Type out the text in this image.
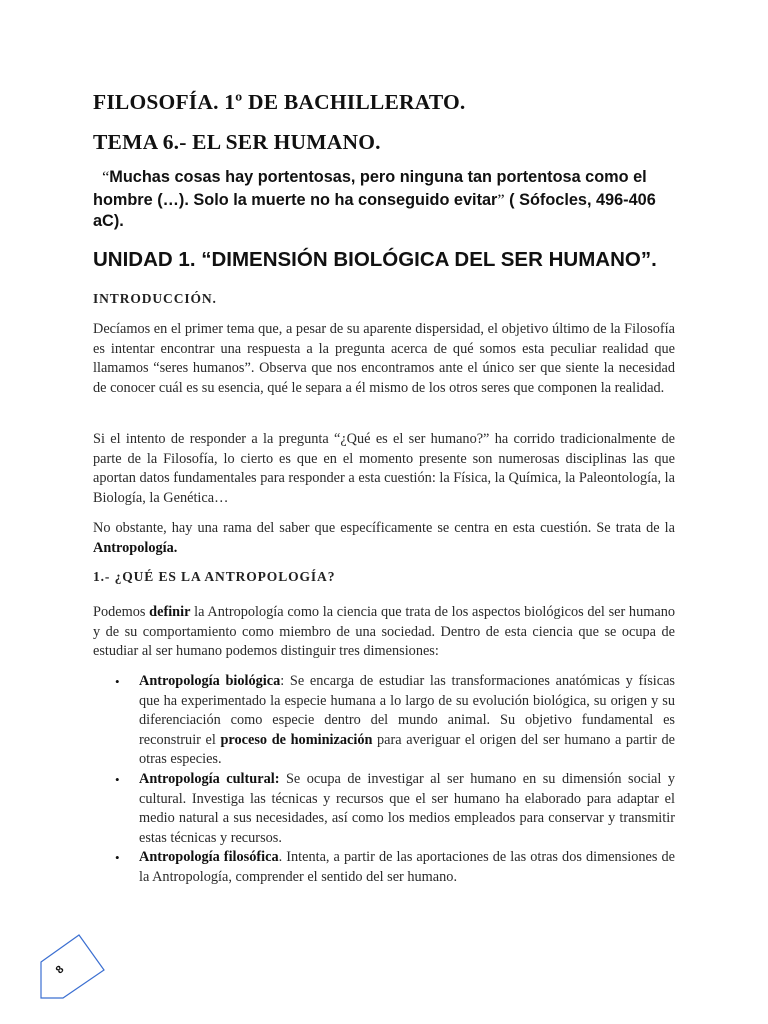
FILOSOFÍA. 1º DE BACHILLERATO.
TEMA 6.- EL SER HUMANO.

“Muchas cosas hay portentosas, pero ninguna tan portentosa como el hombre (…). Solo la muerte no ha conseguido evitar” ( Sófocles, 496-406 aC).

UNIDAD 1. “DIMENSIÓN BIOLÓGICA DEL SER HUMANO”.
INTRODUCCIÓN.

Decíamos en el primer tema que, a pesar de su aparente dispersidad, el objetivo último de la Filosofía es intentar encontrar una respuesta a la pregunta acerca de qué somos esta peculiar realidad que llamamos “seres humanos”. Observa que nos encontramos ante el único ser que siente la necesidad de conocer cuál es su esencia, qué le separa a él mismo de los otros seres que componen la realidad.

Si el intento de responder a la pregunta “¿Qué es el ser humano?” ha corrido tradicionalmente de parte de la Filosofía, lo cierto es que en el momento presente son numerosas disciplinas las que aportan datos fundamentales para responder a esta cuestión: la Física, la Química, la Paleontología, la Biología, la Genética…

No obstante, hay una rama del saber que específicamente se centra en esta cuestión. Se trata de la Antropología.

1.- ¿QUÉ ES LA ANTROPOLOGÍA?

Podemos definir la Antropología como la ciencia que trata de los aspectos biológicos del ser humano y de su comportamiento como miembro de una sociedad. Dentro de esta ciencia que se ocupa de estudiar al ser humano podemos distinguir tres dimensiones:

• Antropología biológica: Se encarga de estudiar las transformaciones anatómicas y físicas que ha experimentado la especie humana a lo largo de su evolución biológica, su origen y su diferenciación como especie dentro del mundo animal. Su objetivo fundamental es reconstruir el proceso de hominización para averiguar el origen del ser humano a partir de otras especies.
• Antropología cultural: Se ocupa de investigar al ser humano en su dimensión social y cultural. Investiga las técnicas y recursos que el ser humano ha elaborado para adaptar el medio natural a sus necesidades, así como los medios empleados para conservar y transmitir estas técnicas y recursos.
• Antropología filosófica. Intenta, a partir de las aportaciones de las otras dos dimensiones de la Antropología, comprender el sentido del ser humano.
8
